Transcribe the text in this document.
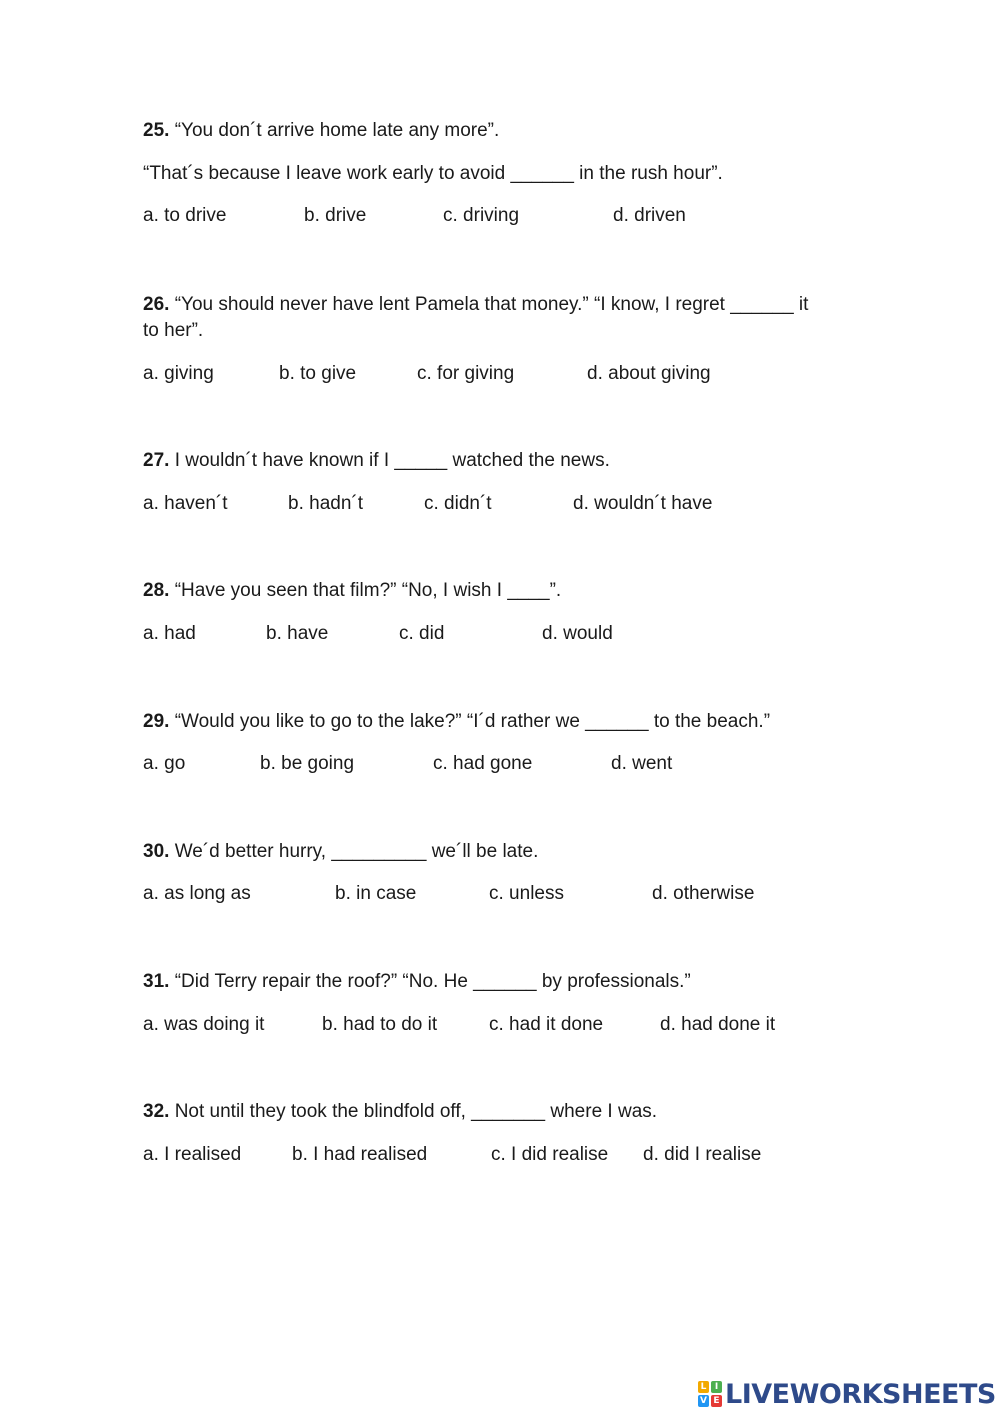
25. “You don´t arrive home late any more”.
“That´s because I leave work early to avoid ______ in the rush hour”.
a. to drive	b. drive	c. driving	d. driven
26. “You should never have lent Pamela that money.” “I know, I regret ______ it
to her”.
a. giving	b. to give	c. for giving	d. about giving
27. I wouldn´t have known if I _____ watched the news.
a. haven´t	b. hadn´t	c. didn´t	d. wouldn´t have
28. “Have you seen that film?” “No, I wish I ____”.
a. had	b. have	c. did	d. would
29. “Would you like to go to the lake?” “I´d rather we ______ to the beach.”
a. go	b. be going	c. had gone	d. went
30. We´d better hurry, _________ we´ll be late.
a. as long as	b. in case	c. unless	d. otherwise
31. “Did Terry repair the roof?” “No. He ______ by professionals.”
a. was doing it	b. had to do it	c. had it done	d. had done it
32. Not until they took the blindfold off, _______ where I was.
a. I realised	b. I had realised	c. I did realise d. did I realise
L I
V E LIVEWORKSHEETS
